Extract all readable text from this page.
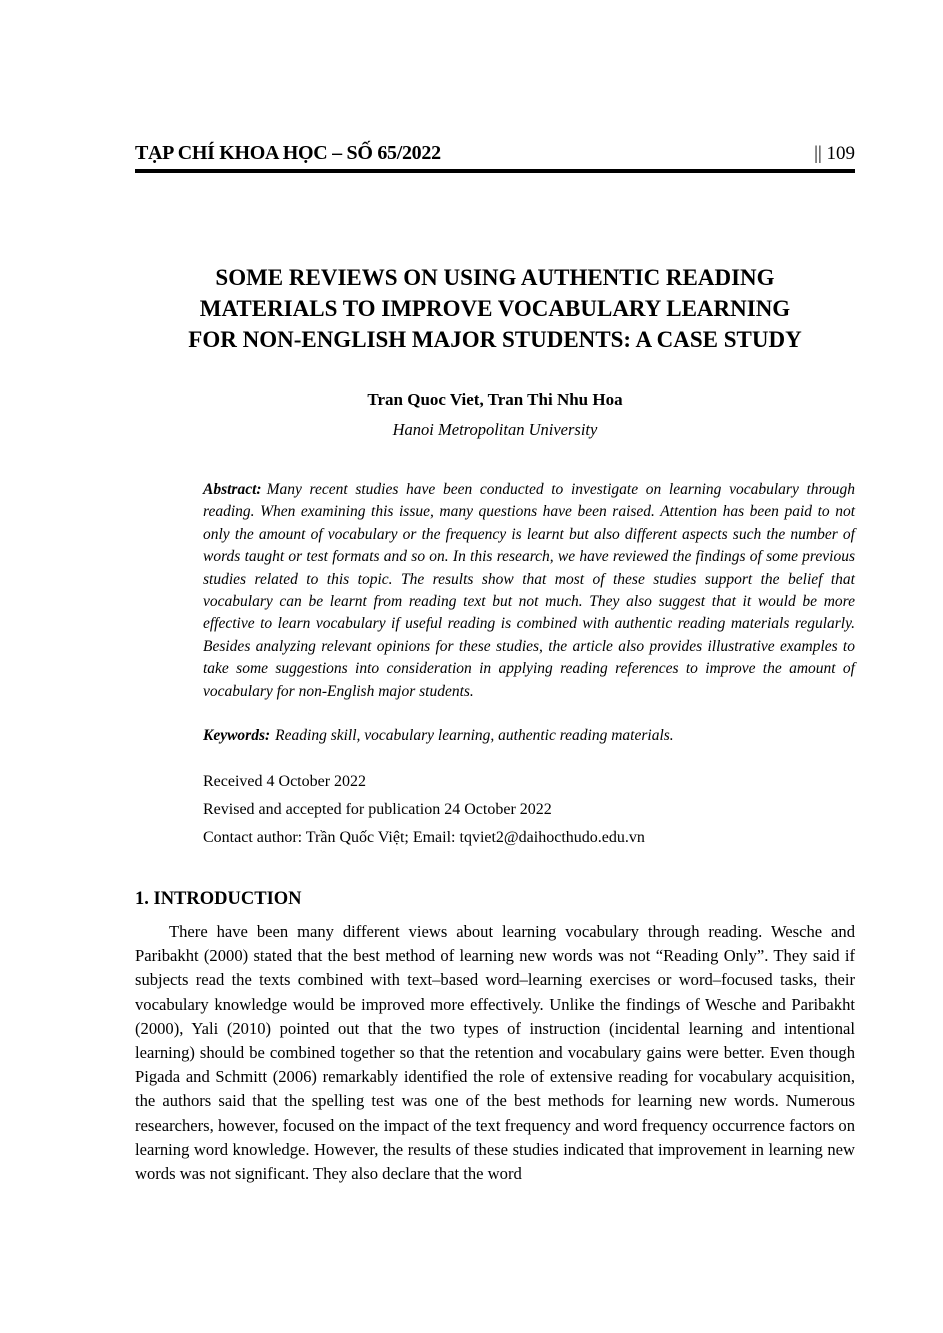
TẠP CHÍ KHOA HỌC – SỐ 65/2022	|| 109
SOME REVIEWS ON USING AUTHENTIC READING
MATERIALS TO IMPROVE VOCABULARY LEARNING
FOR NON-ENGLISH MAJOR STUDENTS: A CASE STUDY
Tran Quoc Viet, Tran Thi Nhu Hoa
Hanoi Metropolitan University
Abstract: Many recent studies have been conducted to investigate on learning vocabulary through reading. When examining this issue, many questions have been raised. Attention has been paid to not only the amount of vocabulary or the frequency is learnt but also different aspects such the number of words taught or test formats and so on. In this research, we have reviewed the findings of some previous studies related to this topic. The results show that most of these studies support the belief that vocabulary can be learnt from reading text but not much. They also suggest that it would be more effective to learn vocabulary if useful reading is combined with authentic reading materials regularly. Besides analyzing relevant opinions for these studies, the article also provides illustrative examples to take some suggestions into consideration in applying reading references to improve the amount of vocabulary for non-English major students.
Keywords: Reading skill, vocabulary learning, authentic reading materials.

Received 4 October 2022

Revised and accepted for publication 24 October 2022

Contact author: Trần Quốc Việt; Email: tqviet2@daihocthudo.edu.vn

1. INTRODUCTION

There have been many different views about learning vocabulary through reading. Wesche and Paribakht (2000) stated that the best method of learning new words was not “Reading Only”. They said if subjects read the texts combined with text–based word–learning exercises or word–focused tasks, their vocabulary knowledge would be improved more effectively. Unlike the findings of Wesche and Paribakht (2000), Yali (2010) pointed out that the two types of instruction (incidental learning and intentional learning) should be combined together so that the retention and vocabulary gains were better. Even though Pigada and Schmitt (2006) remarkably identified the role of extensive reading for vocabulary acquisition, the authors said that the spelling test was one of the best methods for learning new words. Numerous researchers, however, focused on the impact of the text frequency and word frequency occurrence factors on learning word knowledge. However, the results of these studies indicated that improvement in learning new words was not significant. They also declare that the word
